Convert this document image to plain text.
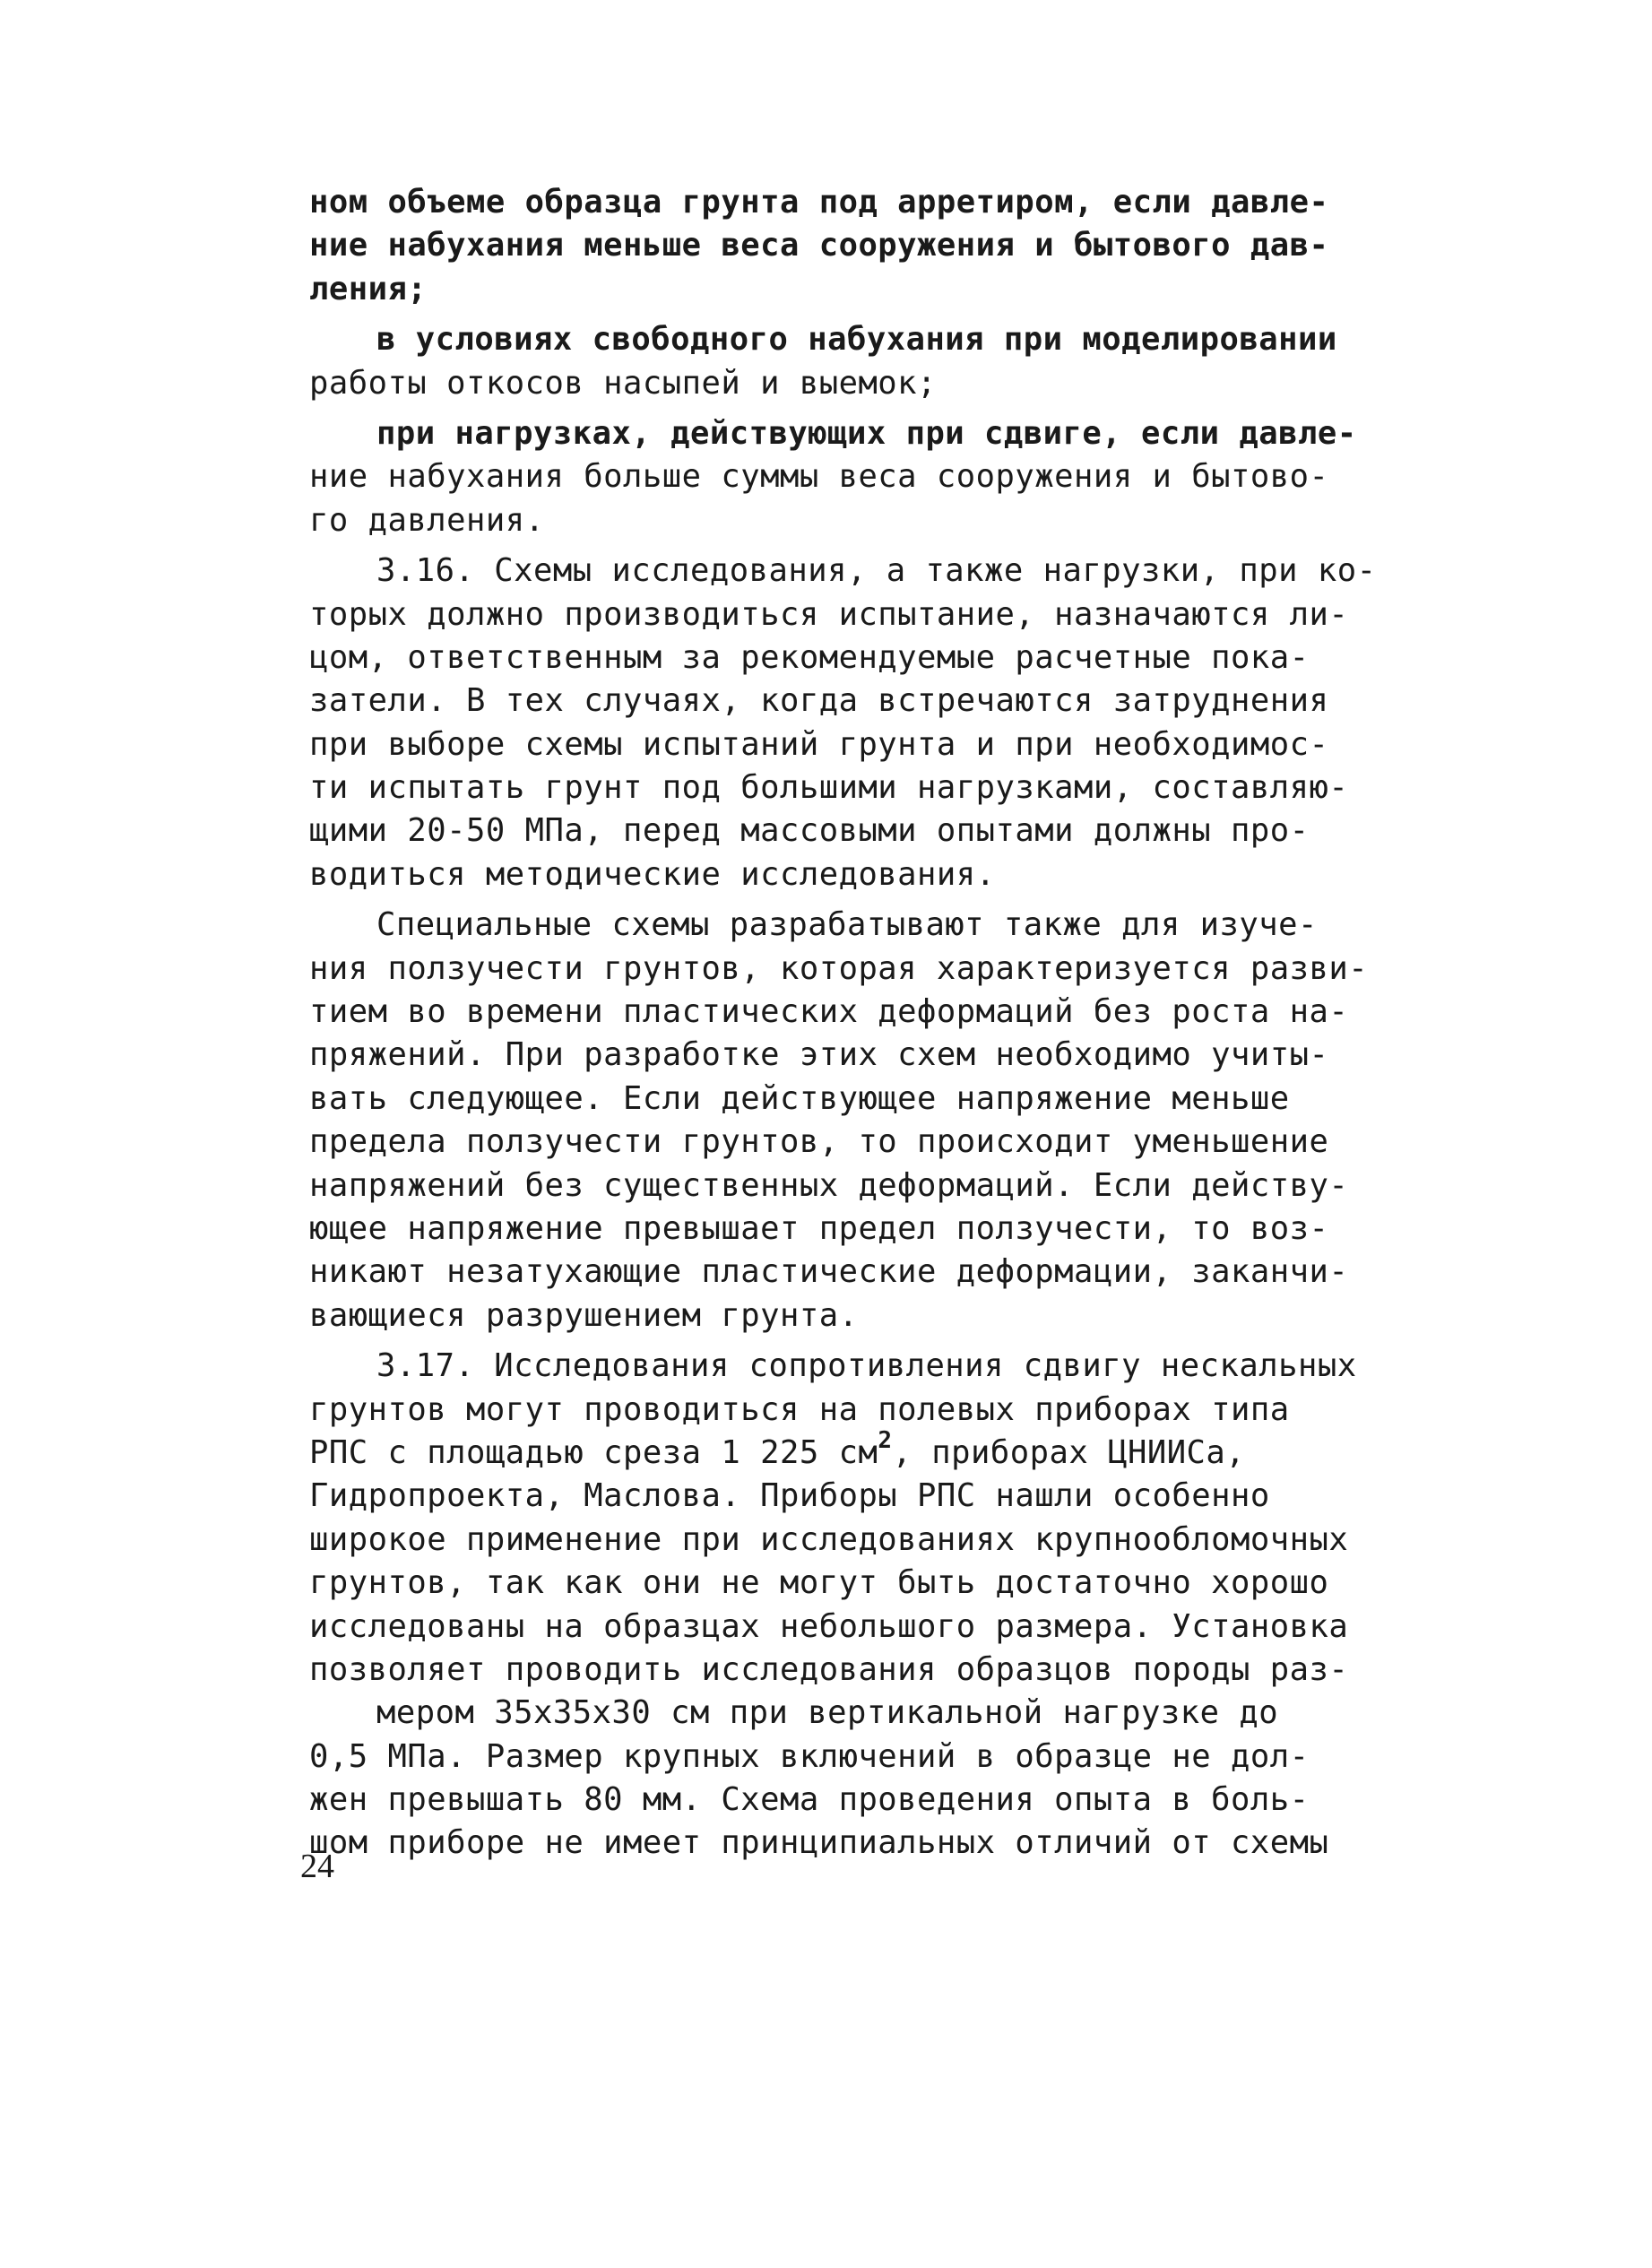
ном объеме образца грунта под арретиром, если давле-
ние набухания меньше веса сооружения и бытового дав-
ления;
в условиях свободного набухания при моделировании
работы откосов насыпей и выемок;
при нагрузках, действующих при сдвиге, если давле-
ние набухания больше суммы веса сооружения и бытово-
го давления.
3.16. Схемы исследования, а также нагрузки, при ко-
торых должно производиться испытание, назначаются ли-
цом, ответственным за рекомендуемые расчетные пока-
затели. В тех случаях, когда встречаются затруднения
при выборе схемы испытаний грунта и при необходимос-
ти испытать грунт под большими нагрузками, составляю-
щими 20-50 МПа, перед массовыми опытами должны про-
водиться методические исследования.
Специальные схемы разрабатывают также для изуче-
ния ползучести грунтов, которая характеризуется разви-
тием во времени пластических деформаций без роста на-
пряжений. При разработке этих схем необходимо учиты-
вать следующее. Если действующее напряжение меньше
предела ползучести грунтов, то происходит уменьшение
напряжений без существенных деформаций. Если действу-
ющее напряжение превышает предел ползучести, то воз-
никают незатухающие пластические деформации, заканчи-
вающиеся разрушением грунта.
3.17. Исследования сопротивления сдвигу нескальных
грунтов могут проводиться на полевых приборах типа
РПС с площадью среза 1 225 $см^2$, приборах ЦНИИСа,
Гидропроекта, Маслова. Приборы РПС нашли особенно
широкое применение при исследованиях крупнообломочных
грунтов, так как они не могут быть достаточно хорошо
исследованы на образцах небольшого размера. Установка
позволяет проводить исследования образцов породы раз-
мером 35x35x30 см при вертикальной нагрузке до
0,5 МПа. Размер крупных включений в образце не дол-
жен превышать 80 мм. Схема проведения опыта в боль-
шом приборе не имеет принципиальных отличий от схемы
24
